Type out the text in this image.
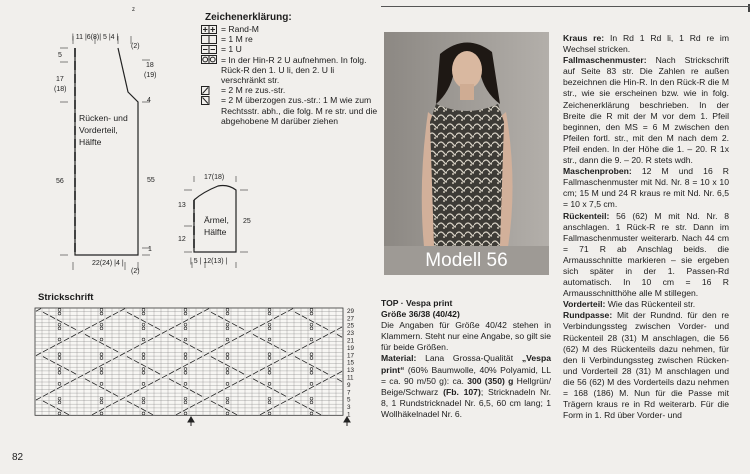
z
| 11 |6(8)| 5 |4 |
(2)
5
17
(18)
56
18
(19)
4
55
1
22(24) |4 |
(2)
Rücken- und
Vorderteil,
Hälfte
17(18)
13
12
25
| 5 | 12(13) |
Ärmel,
Hälfte
Zeichenerklärung:
= Rand-M
= 1 M re
= 1 U
= In der Hin-R 2 U aufnehmen. In folg. Rück-R den 1. U li, den 2. U li verschränkt str.
= 2 M re zus.-str.
= 2 M überzogen zus.-str.: 1 M wie zum Rechtsstr. abh., die folg. M re str. und die abgehobene M darüber ziehen
Strickschrift
29
27
25
23
21
19
17
15
13
11
9
7
5
3
1
82
Modell 56

TOP · Vespa print

Größe 36/38 (40/42)

Die Angaben für Größe 40/42 stehen in Klammern. Steht nur eine Angabe, so gilt sie für beide Größen.

Material: Lana Grossa-Qualität „Vespa print“ (60% Baumwolle, 40% Polyamid, LL = ca. 90 m/50 g): ca. 300 (350) g Hellgrün/ Beige/Schwarz (Fb. 107); Stricknadeln Nr. 8, 1 Rundstricknadel Nr. 6,5, 60 cm lang; 1 Wollhäkelnadel Nr. 6.

Kraus re: In Rd 1 Rd li, 1 Rd re im Wechsel stricken.

Fallmaschenmuster: Nach Strickschrift auf Seite 83 str. Die Zahlen re außen bezeichnen die Hin-R. In den Rück-R die M str., wie sie erscheinen bzw. wie in folg. Zeichenerklärung beschrieben. In der Breite die R mit der M vor dem 1. Pfeil beginnen, den MS = 6 M zwischen den Pfeilen fortl. str., mit den M nach dem 2. Pfeil enden. In der Höhe die 1. – 20. R 1x str., dann die 9. – 20. R stets wdh.

Maschenproben: 12 M und 16 R Fallmaschenmuster mit Nd. Nr. 8 = 10 x 10 cm; 15 M und 24 R kraus re mit Nd. Nr. 6,5 = 10 x 7,5 cm.

Rückenteil: 56 (62) M mit Nd. Nr. 8 anschlagen. 1 Rück-R re str. Dann im Fallmaschenmuster weiterarb. Nach 44 cm = 71 R ab Anschlag beids. die Armausschnitte markieren – sie ergeben sich später in der 1. Passen-Rd automatisch. In 10 cm = 16 R Armausschnitthöhe alle M stillegen.

Vorderteil: Wie das Rückenteil str.

Rundpasse: Mit der Rundnd. für den re Verbindungssteg zwischen Vorder- und Rückenteil 28 (31) M anschlagen, die 56 (62) M des Rückenteils dazu nehmen, für den li Verbindungssteg zwischen Rücken- und Vorderteil 28 (31) M anschlagen und die 56 (62) M des Vorderteils dazu nehmen = 168 (186) M. Nun für die Passe mit Trägern kraus re in Rd weiterarb. Für die Form in 1. Rd über Vorder- und
